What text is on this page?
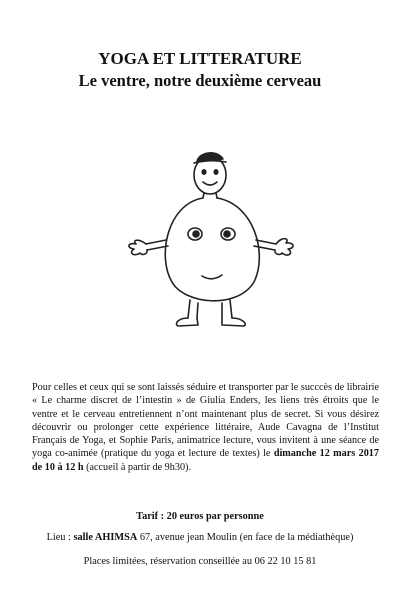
YOGA ET LITTERATURE
Le ventre, notre deuxième cerveau
Pour celles et ceux qui se sont laissés séduire et transporter par le succcès de librairie « Le charme discret de l’intestin » de Giulia Enders, les liens très étroits que le ventre et le cerveau entretiennent n’ont maintenant plus de secret. Si vous désirez découvrir ou prolonger cette expérience littéraire, Aude Cavagna de l’Institut Français de Yoga, et Sophie Paris, animatrice lecture, vous invitent à une séance de yoga co-animée (pratique du yoga et lecture de textes) le dimanche 12 mars 2017 de 10 à 12 h (accueil à partir de 9h30).
Tarif : 20 euros par personne
Lieu : salle AHIMSA 67, avenue jean Moulin (en face de la médiathèque)
Places limitées, réservation conseillée au 06 22 10 15 81
